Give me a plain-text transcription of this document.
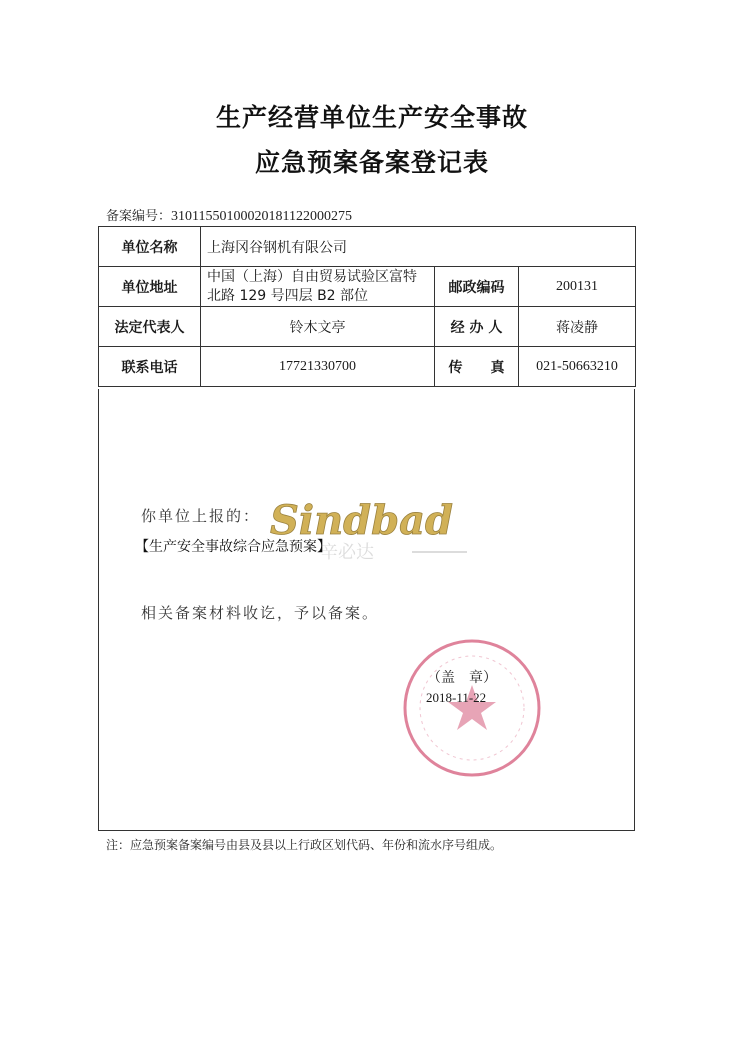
生产经营单位生产安全事故
应急预案备案登记表
备案编号：31011550100020181122000275
单位名称	上海冈谷钢机有限公司		
单位地址	中国（上海）自由贸易试验区富特
北路 129 号四层 B2 部位	邮政编码	200131
法定代表人	铃木文亭	经 办 人	蒋凌静
联系电话	17721330700	传　　真	021-50663210
Sindbad
辛必达
你单位上报的：
【生产安全事故综合应急预案】
相关备案材料收讫，予以备案。
（盖　章）
2018-11-22
注：应急预案备案编号由县及县以上行政区划代码、年份和流水序号组成。
